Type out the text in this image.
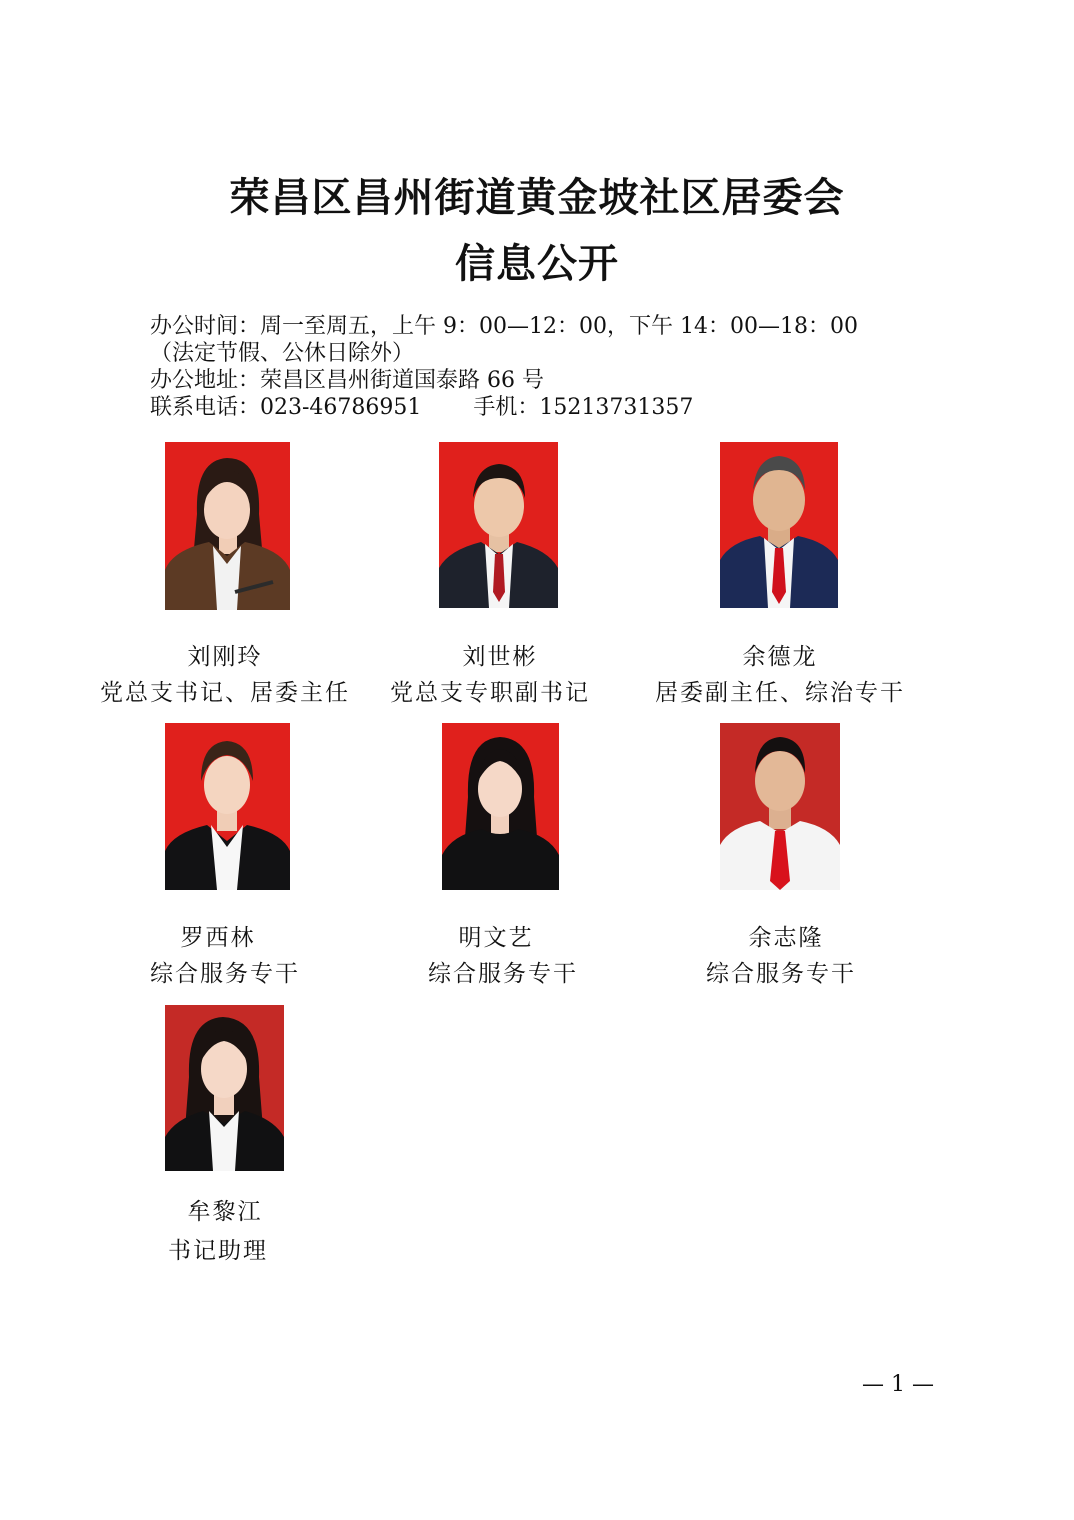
荣昌区昌州街道黄金坡社区居委会
信息公开
办公时间：周一至周五，上午 9：00—12：00，下午 14：00—18：00
（法定节假、公休日除外）
办公地址：荣昌区昌州街道国泰路 66 号
联系电话：023-46786951 手机：15213731357
刘刚玲
党总支书记、居委主任
刘世彬
党总支专职副书记
余德龙
居委副主任、综治专干
罗西林
综合服务专干
明文艺
综合服务专干
余志隆
综合服务专干
牟黎江
书记助理
— 1 —
